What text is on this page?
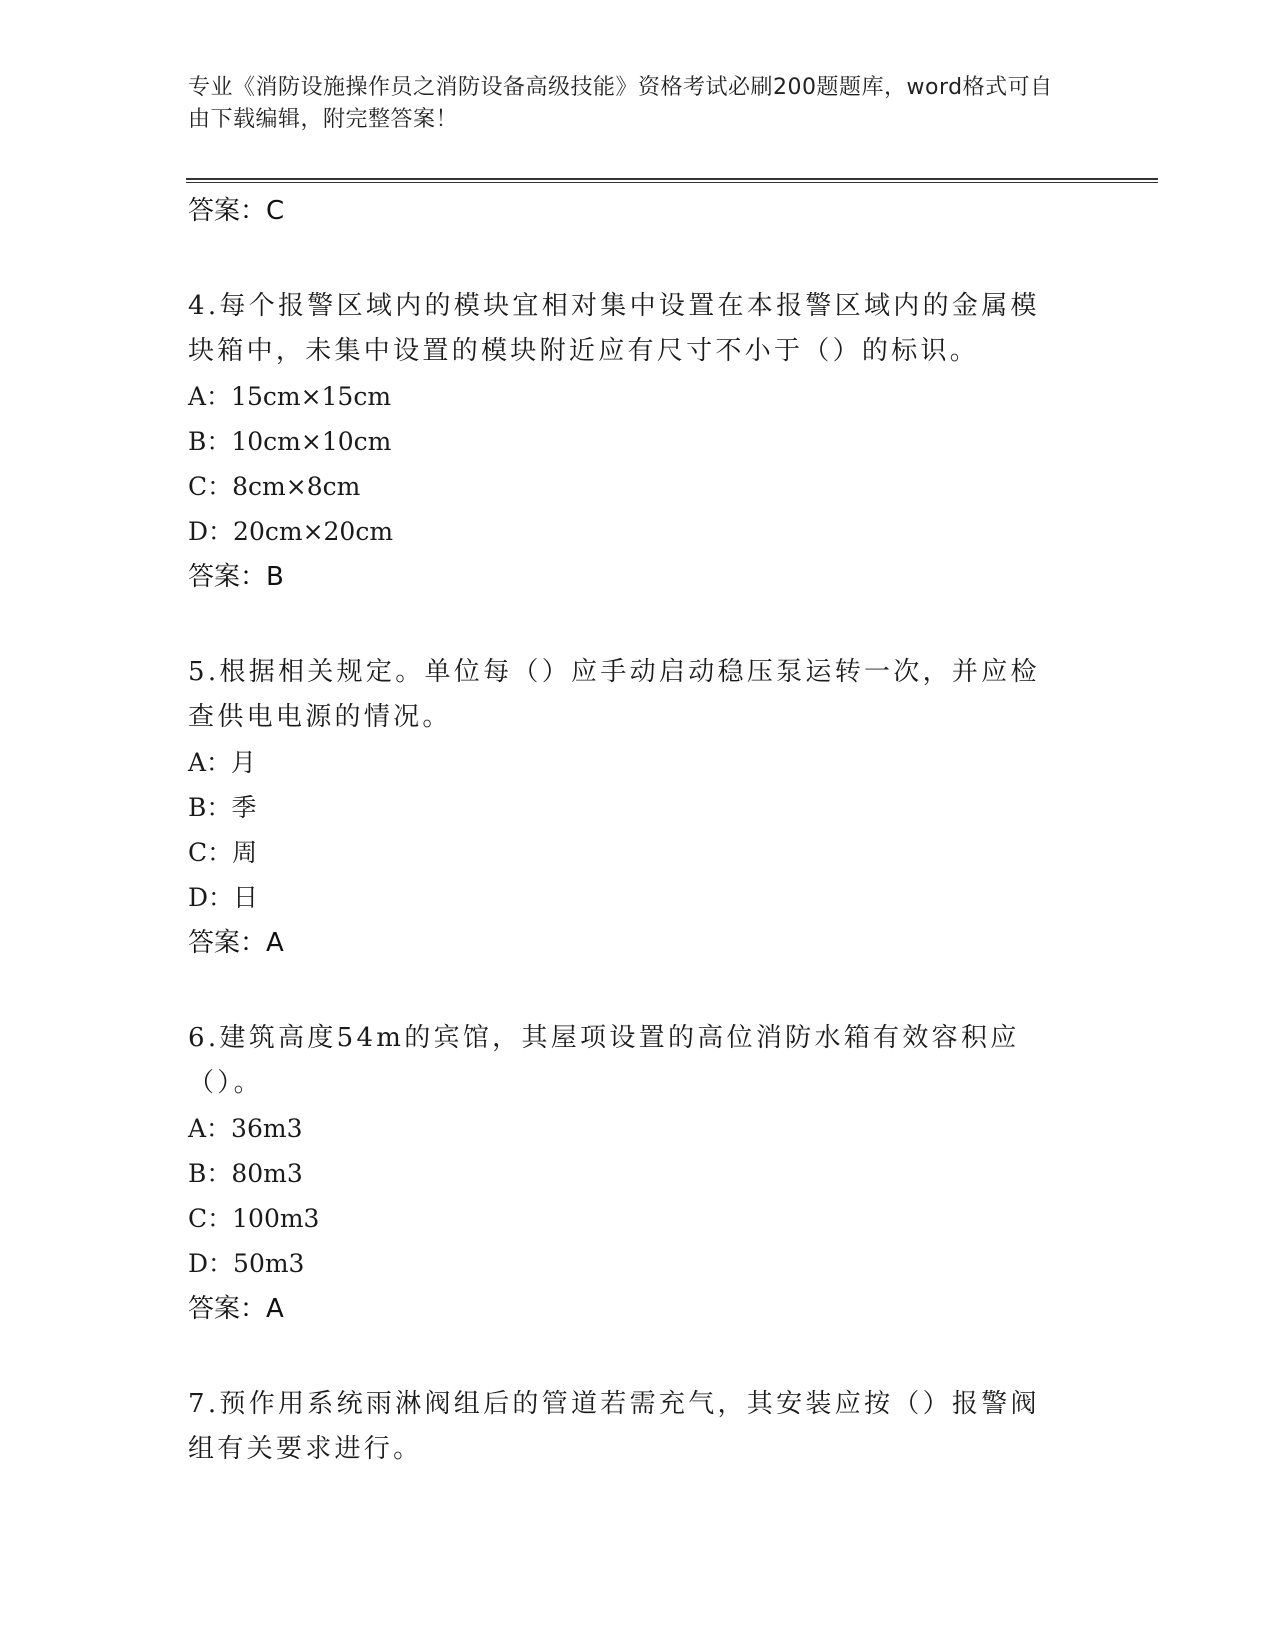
专业《消防设施操作员之消防设备高级技能》资格考试必刷200题题库，word格式可自由下载编辑，附完整答案！
答案：C
4.每个报警区域内的模块宜相对集中设置在本报警区域内的金属模块箱中，未集中设置的模块附近应有尺寸不小于（）的标识。
A：15cm×15cm
B：10cm×10cm
C：8cm×8cm
D：20cm×20cm
答案：B
5.根据相关规定。单位每（）应手动启动稳压泵运转一次，并应检查供电电源的情况。
A：月
B：季
C：周
D：日
答案：A
6.建筑高度54m的宾馆，其屋项设置的高位消防水箱有效容积应（）。
A：36m3
B：80m3
C：100m3
D：50m3
答案：A
7.预作用系统雨淋阀组后的管道若需充气，其安装应按（）报警阀组有关要求进行。
